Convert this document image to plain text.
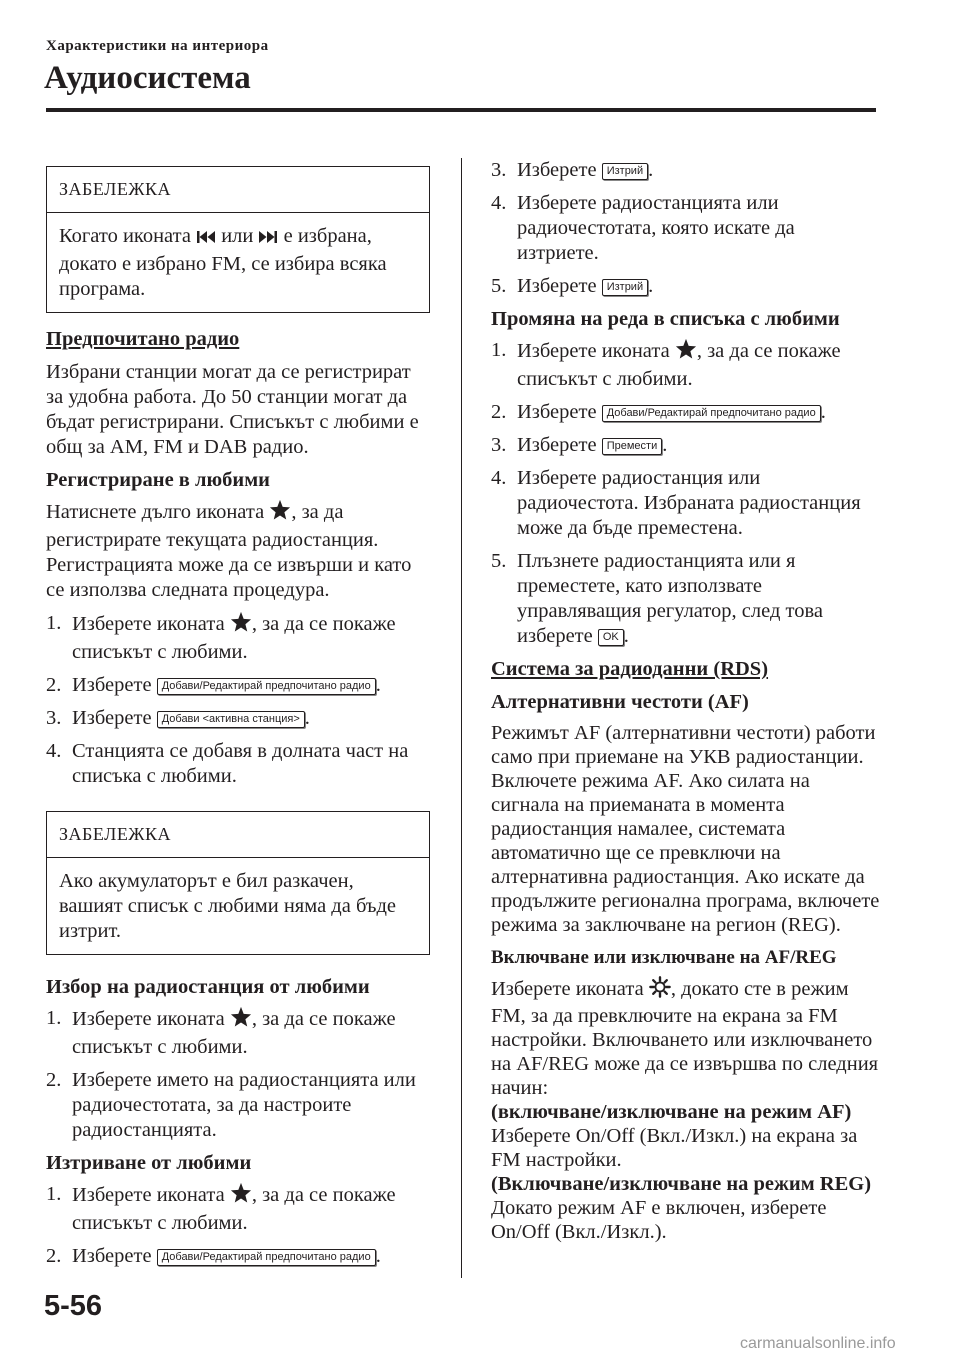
Характеристики на интериора
Аудиосистема
ЗАБЕЛЕЖКА
Когато иконата  или  е избрана, докато е избрано FM, се избира всяка програма.
Предпочитано радио

Избрани станции могат да се регистрират за удобна работа. До 50 станции могат да бъдат регистрирани. Списъкът с любими е общ за AM, FM и DAB радио.

Регистриране в любими

Натиснете дълго иконата , за да регистрирате текущата радиостанция. Регистрацията може да се извърши и като се използва следната процедура.

1. Изберете иконата , за да се покаже списъкът с любими.
2. Изберете Добави/Редактирай предпочитано радио .
3. Изберете Добави <активна станция> .
4. Станцията се добавя в долната част на списъка с любими.
ЗАБЕЛЕЖКА
Ако акумулаторът е бил разкачен, вашият списък с любими няма да бъде изтрит.
Избор на радиостанция от любими
1. Изберете иконата , за да се покаже списъкът с любими.
2. Изберете името на радиостанцията или радиочестотата, за да настроите радиостанцията.
Изтриване от любими
1. Изберете иконата , за да се покаже списъкът с любими.
2. Изберете Добави/Редактирай предпочитано радио .
3. Изберете Изтрий .
4. Изберете радиостанцията или радиочестотата, която искате да изтриете.
5. Изберете Изтрий .
Промяна на реда в списъка с любими
1. Изберете иконата , за да се покаже списъкът с любими.
2. Изберете Добави/Редактирай предпочитано радио .
3. Изберете Премести .
4. Изберете радиостанция или радиочестота. Избраната радиостанция може да бъде преместена.
5. Плъзнете радиостанцията или я преместете, като използвате управляващия регулатор, след това изберете OK .
Система за радиоданни (RDS)
Алтернативни честоти (AF)

Режимът AF (алтернативни честоти) работи само при приемане на УКВ радиостанции. Включете режима AF. Ако силата на сигнала на приеманата в момента радиостанция намалее, системата автоматично ще се превключи на алтернативна радиостанция. Ако искате да продължите регионална програма, включете режима за заключване на регион (REG).

Включване или изключване на AF/REG

Изберете иконата , докато сте в режим FM, за да превключите на екрана за FM настройки. Включването или изключването на AF/REG може да се извършва по следния начин:

(включване/изключване на режим AF)
Изберете On/Off (Вкл./Изкл.) на екрана за FM настройки.
(Включване/изключване на режим REG)
Докато режим AF е включен, изберете On/Off (Вкл./Изкл.).
5-56
carmanualsonline.info
